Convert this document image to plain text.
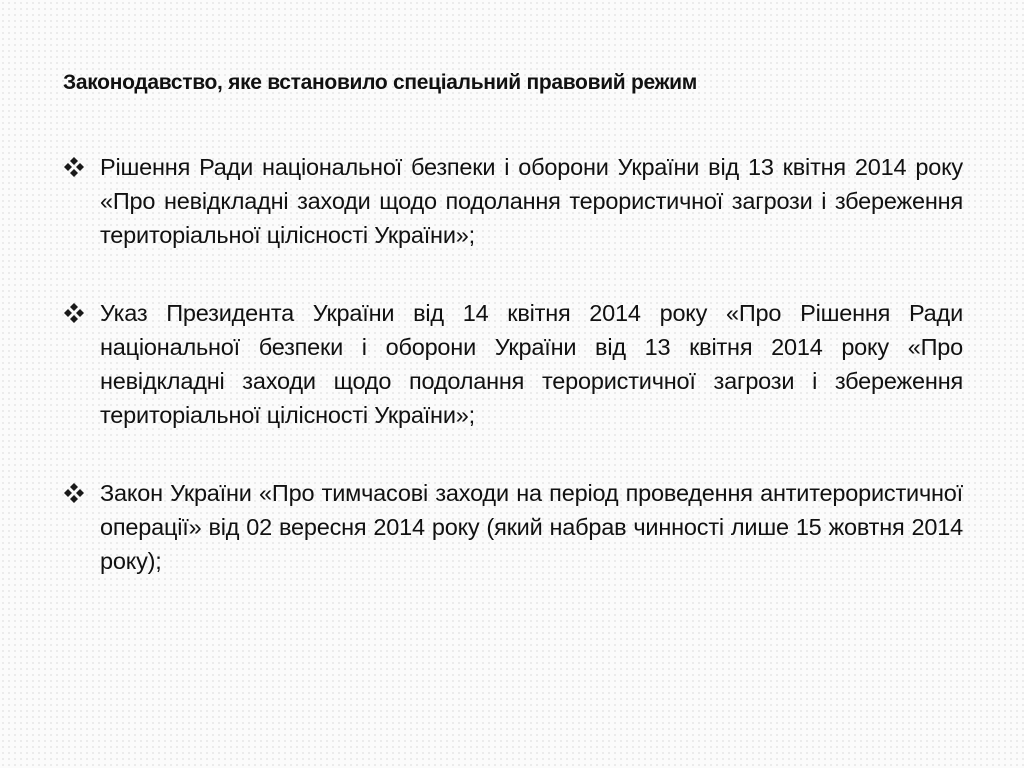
Законодавство, яке встановило спеціальний правовий режим
Рішення Ради національної безпеки і оборони України від 13 квітня 2014 року «Про невідкладні заходи щодо подолання терористичної загрози і збереження територіальної цілісності України»;
Указ Президента України від 14 квітня 2014 року «Про Рішення Ради національної безпеки і оборони України від 13 квітня 2014 року «Про невідкладні заходи щодо подолання терористичної загрози і збереження територіальної цілісності України»;
Закон України «Про тимчасові заходи на період проведення антитерористичної операції» від 02 вересня 2014 року (який набрав чинності лише 15 жовтня 2014 року);
